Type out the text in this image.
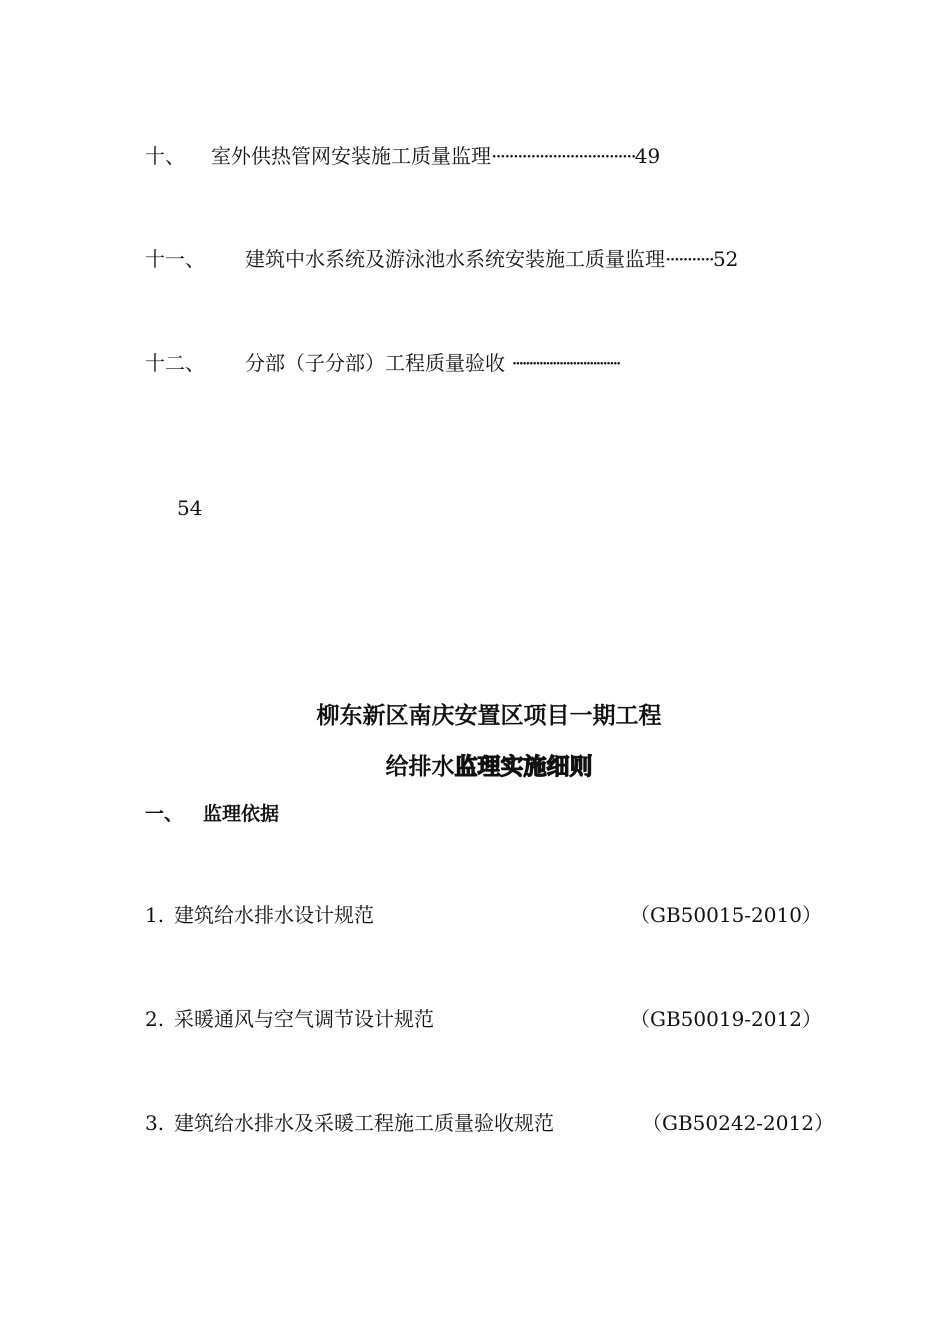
十、 室外供热管网安装施工质量监理·································49
十一、 建筑中水系统及游泳池水系统安装施工质量监理···········52
十二、 分部（子分部）工程质量验收 ································
54
柳东新区南庆安置区项目一期工程
给排水监理实施细则
一、 监理依据
1. 建筑给水排水设计规范	（GB50015-2010）
2. 采暖通风与空气调节设计规范	（GB50019-2012）
3. 建筑给水排水及采暖工程施工质量验收规范	（GB50242-2012）
